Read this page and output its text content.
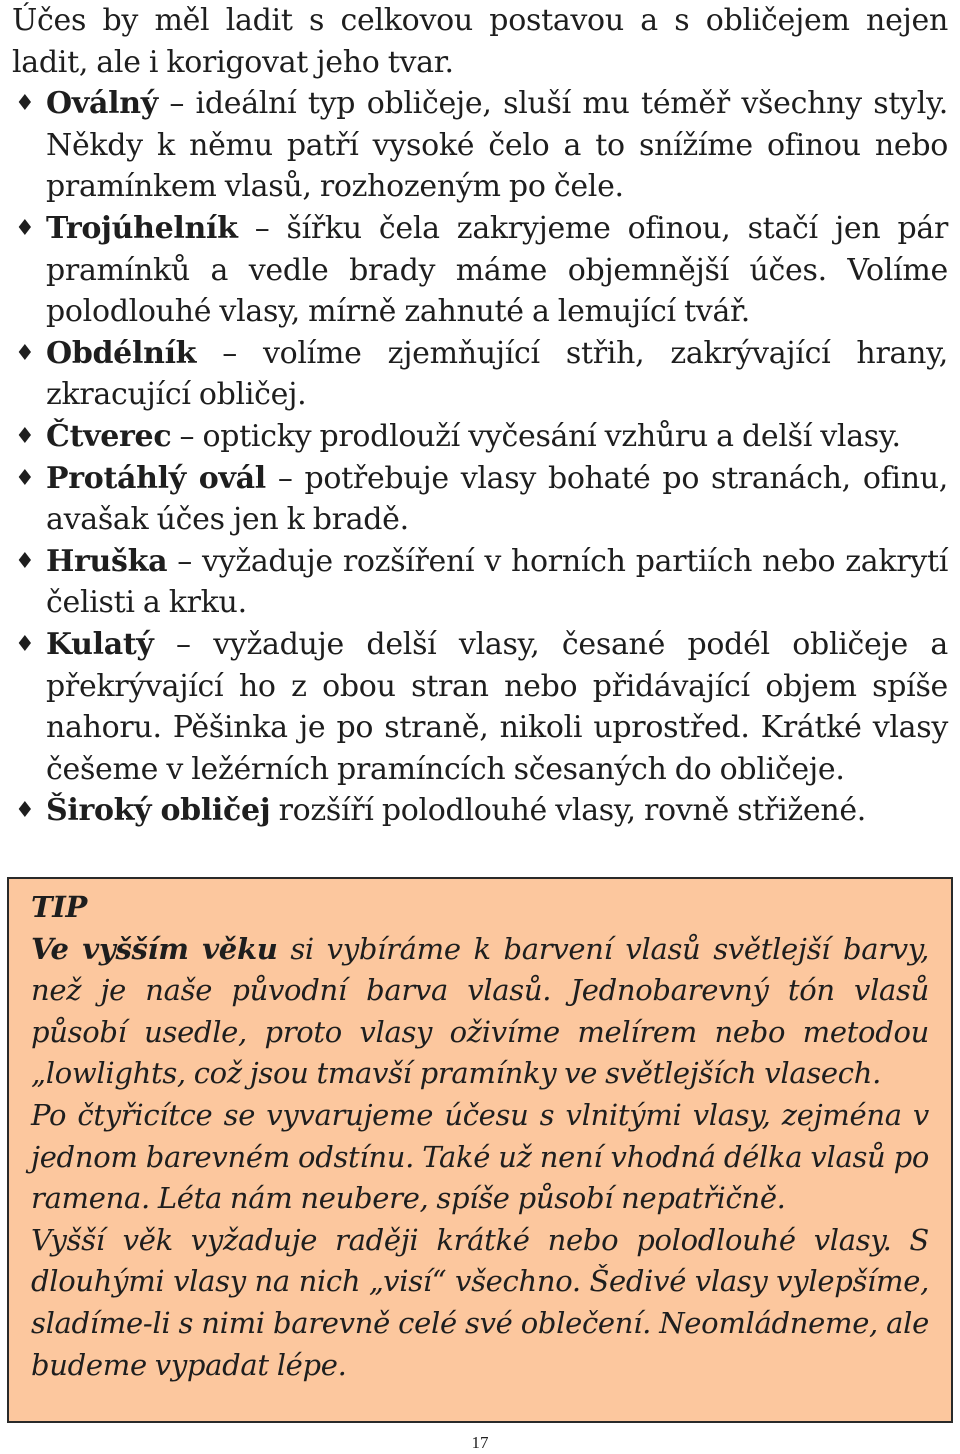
Účes by měl ladit s celkovou postavou a s obličejem nejen ladit, ale i korigovat jeho tvar.

♦ Oválný – ideální typ obličeje, sluší mu téměř všechny styly. Někdy k němu patří vysoké čelo a to snížíme ofinou nebo pramínkem vlasů, rozhozeným po čele.
♦ Trojúhelník – šířku čela zakryjeme ofinou, stačí jen pár pramínků a vedle brady máme objemnější účes. Volíme polodlouhé vlasy, mírně zahnuté a lemující tvář.
♦ Obdélník – volíme zjemňující střih, zakrývající hrany, zkracující obličej.
♦ Čtverec – opticky prodlouží vyčesání vzhůru a delší vlasy.
♦ Protáhlý ovál – potřebuje vlasy bohaté po stranách, ofinu, avašak účes jen k bradě.
♦ Hruška – vyžaduje rozšíření v horních partiích nebo zakrytí čelisti a krku.
♦ Kulatý – vyžaduje delší vlasy, česané podél obličeje a překrývající ho z obou stran nebo přidávající objem spíše nahoru. Pěšinka je po straně, nikoli uprostřed. Krátké vlasy češeme v ležérních pramíncích sčesaných do obličeje.
♦ Široký obličej rozšíří polodlouhé vlasy, rovně střižené.

TIP

Ve vyšším věku si vybíráme k barvení vlasů světlejší barvy, než je naše původní barva vlasů. Jednobarevný tón vlasů působí usedle, proto vlasy oživíme melírem nebo metodou „lowlights, což jsou tmavší pramínky ve světlejších vlasech.

Po čtyřicítce se vyvarujeme účesu s vlnitými vlasy, zejména v jednom barevném odstínu. Také už není vhodná délka vlasů po ramena. Léta nám neubere, spíše působí nepatřičně.

Vyšší věk vyžaduje raději krátké nebo polodlouhé vlasy. S dlouhými vlasy na nich „visí“ všechno. Šedivé vlasy vylepšíme, sladíme-li s nimi barevně celé své oblečení. Neomládneme, ale budeme vypadat lépe.

17
